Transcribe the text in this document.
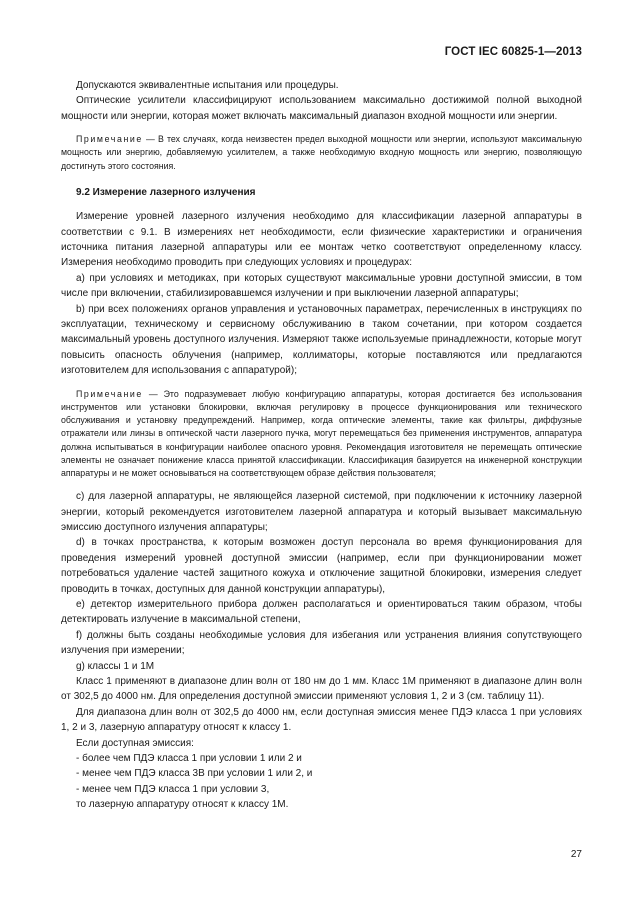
ГОСТ IEC 60825-1—2013

Допускаются эквивалентные испытания или процедуры.

Оптические усилители классифицируют использованием максимально достижимой полной выходной мощности или энергии, которая может включать максимальный диапазон входной мощности или энергии.

Примечание — В тех случаях, когда неизвестен предел выходной мощности или энергии, используют максимальную мощность или энергию, добавляемую усилителем, а также необходимую входную мощность или энергию, позволяющую достигнуть этого состояния.

9.2 Измерение лазерного излучения

Измерение уровней лазерного излучения необходимо для классификации лазерной аппаратуры в соответствии с 9.1. В измерениях нет необходимости, если физические характеристики и ограничения источника питания лазерной аппаратуры или ее монтаж четко соответствуют определенному классу. Измерения необходимо проводить при следующих условиях и процедурах:

a) при условиях и методиках, при которых существуют максимальные уровни доступной эмиссии, в том числе при включении, стабилизировавшемся излучении и при выключении лазерной аппаратуры;

b) при всех положениях органов управления и установочных параметрах, перечисленных в инструкциях по эксплуатации, техническому и сервисному обслуживанию в таком сочетании, при котором создается максимальный уровень доступного излучения. Измеряют также используемые принадлежности, которые могут повысить опасность облучения (например, коллиматоры, которые поставляются или предлагаются изготовителем для использования с аппаратурой);

Примечание — Это подразумевает любую конфигурацию аппаратуры, которая достигается без использования инструментов или установки блокировки, включая регулировку в процессе функционирования или технического обслуживания и установку предупреждений. Например, когда оптические элементы, такие как фильтры, диффузные отражатели или линзы в оптической части лазерного пучка, могут перемещаться без применения инструментов, аппаратура должна испытываться в конфигурации наиболее опасного уровня. Рекомендация изготовителя не перемещать оптические элементы не означает понижение класса принятой классификации. Классификация базируется на инженерной конструкции аппаратуры и не может основываться на соответствующем образе действия пользователя;

c) для лазерной аппаратуры, не являющейся лазерной системой, при подключении к источнику лазерной энергии, который рекомендуется изготовителем лазерной аппаратура и который вызывает максимальную эмиссию доступного излучения аппаратуры;

d) в точках пространства, к которым возможен доступ персонала во время функционирования для проведения измерений уровней доступной эмиссии (например, если при функционировании может потребоваться удаление частей защитного кожуха и отключение защитной блокировки, измерения следует проводить в точках, доступных для данной конструкции аппаратуры),

e) детектор измерительного прибора должен располагаться и ориентироваться таким образом, чтобы детектировать излучение в максимальной степени,

f) должны быть созданы необходимые условия для избегания или устранения влияния сопутствующего излучения при измерении;

g) классы 1 и 1М

Класс 1 применяют в диапазоне длин волн от 180 нм до 1 мм. Класс 1М применяют в диапазоне длин волн от 302,5 до 4000 нм. Для определения доступной эмиссии применяют условия 1, 2 и 3 (см. таблицу 11).

Для диапазона длин волн от 302,5 до 4000 нм, если доступная эмиссия менее ПДЭ класса 1 при условиях 1, 2 и 3, лазерную аппаратуру относят к классу 1.

Если доступная эмиссия:

- более чем ПДЭ класса 1 при условии 1 или 2 и

- менее чем ПДЭ класса 3В при условии 1 или 2, и

- менее чем ПДЭ класса 1 при условии 3,

то лазерную аппаратуру относят к классу 1М.

27
